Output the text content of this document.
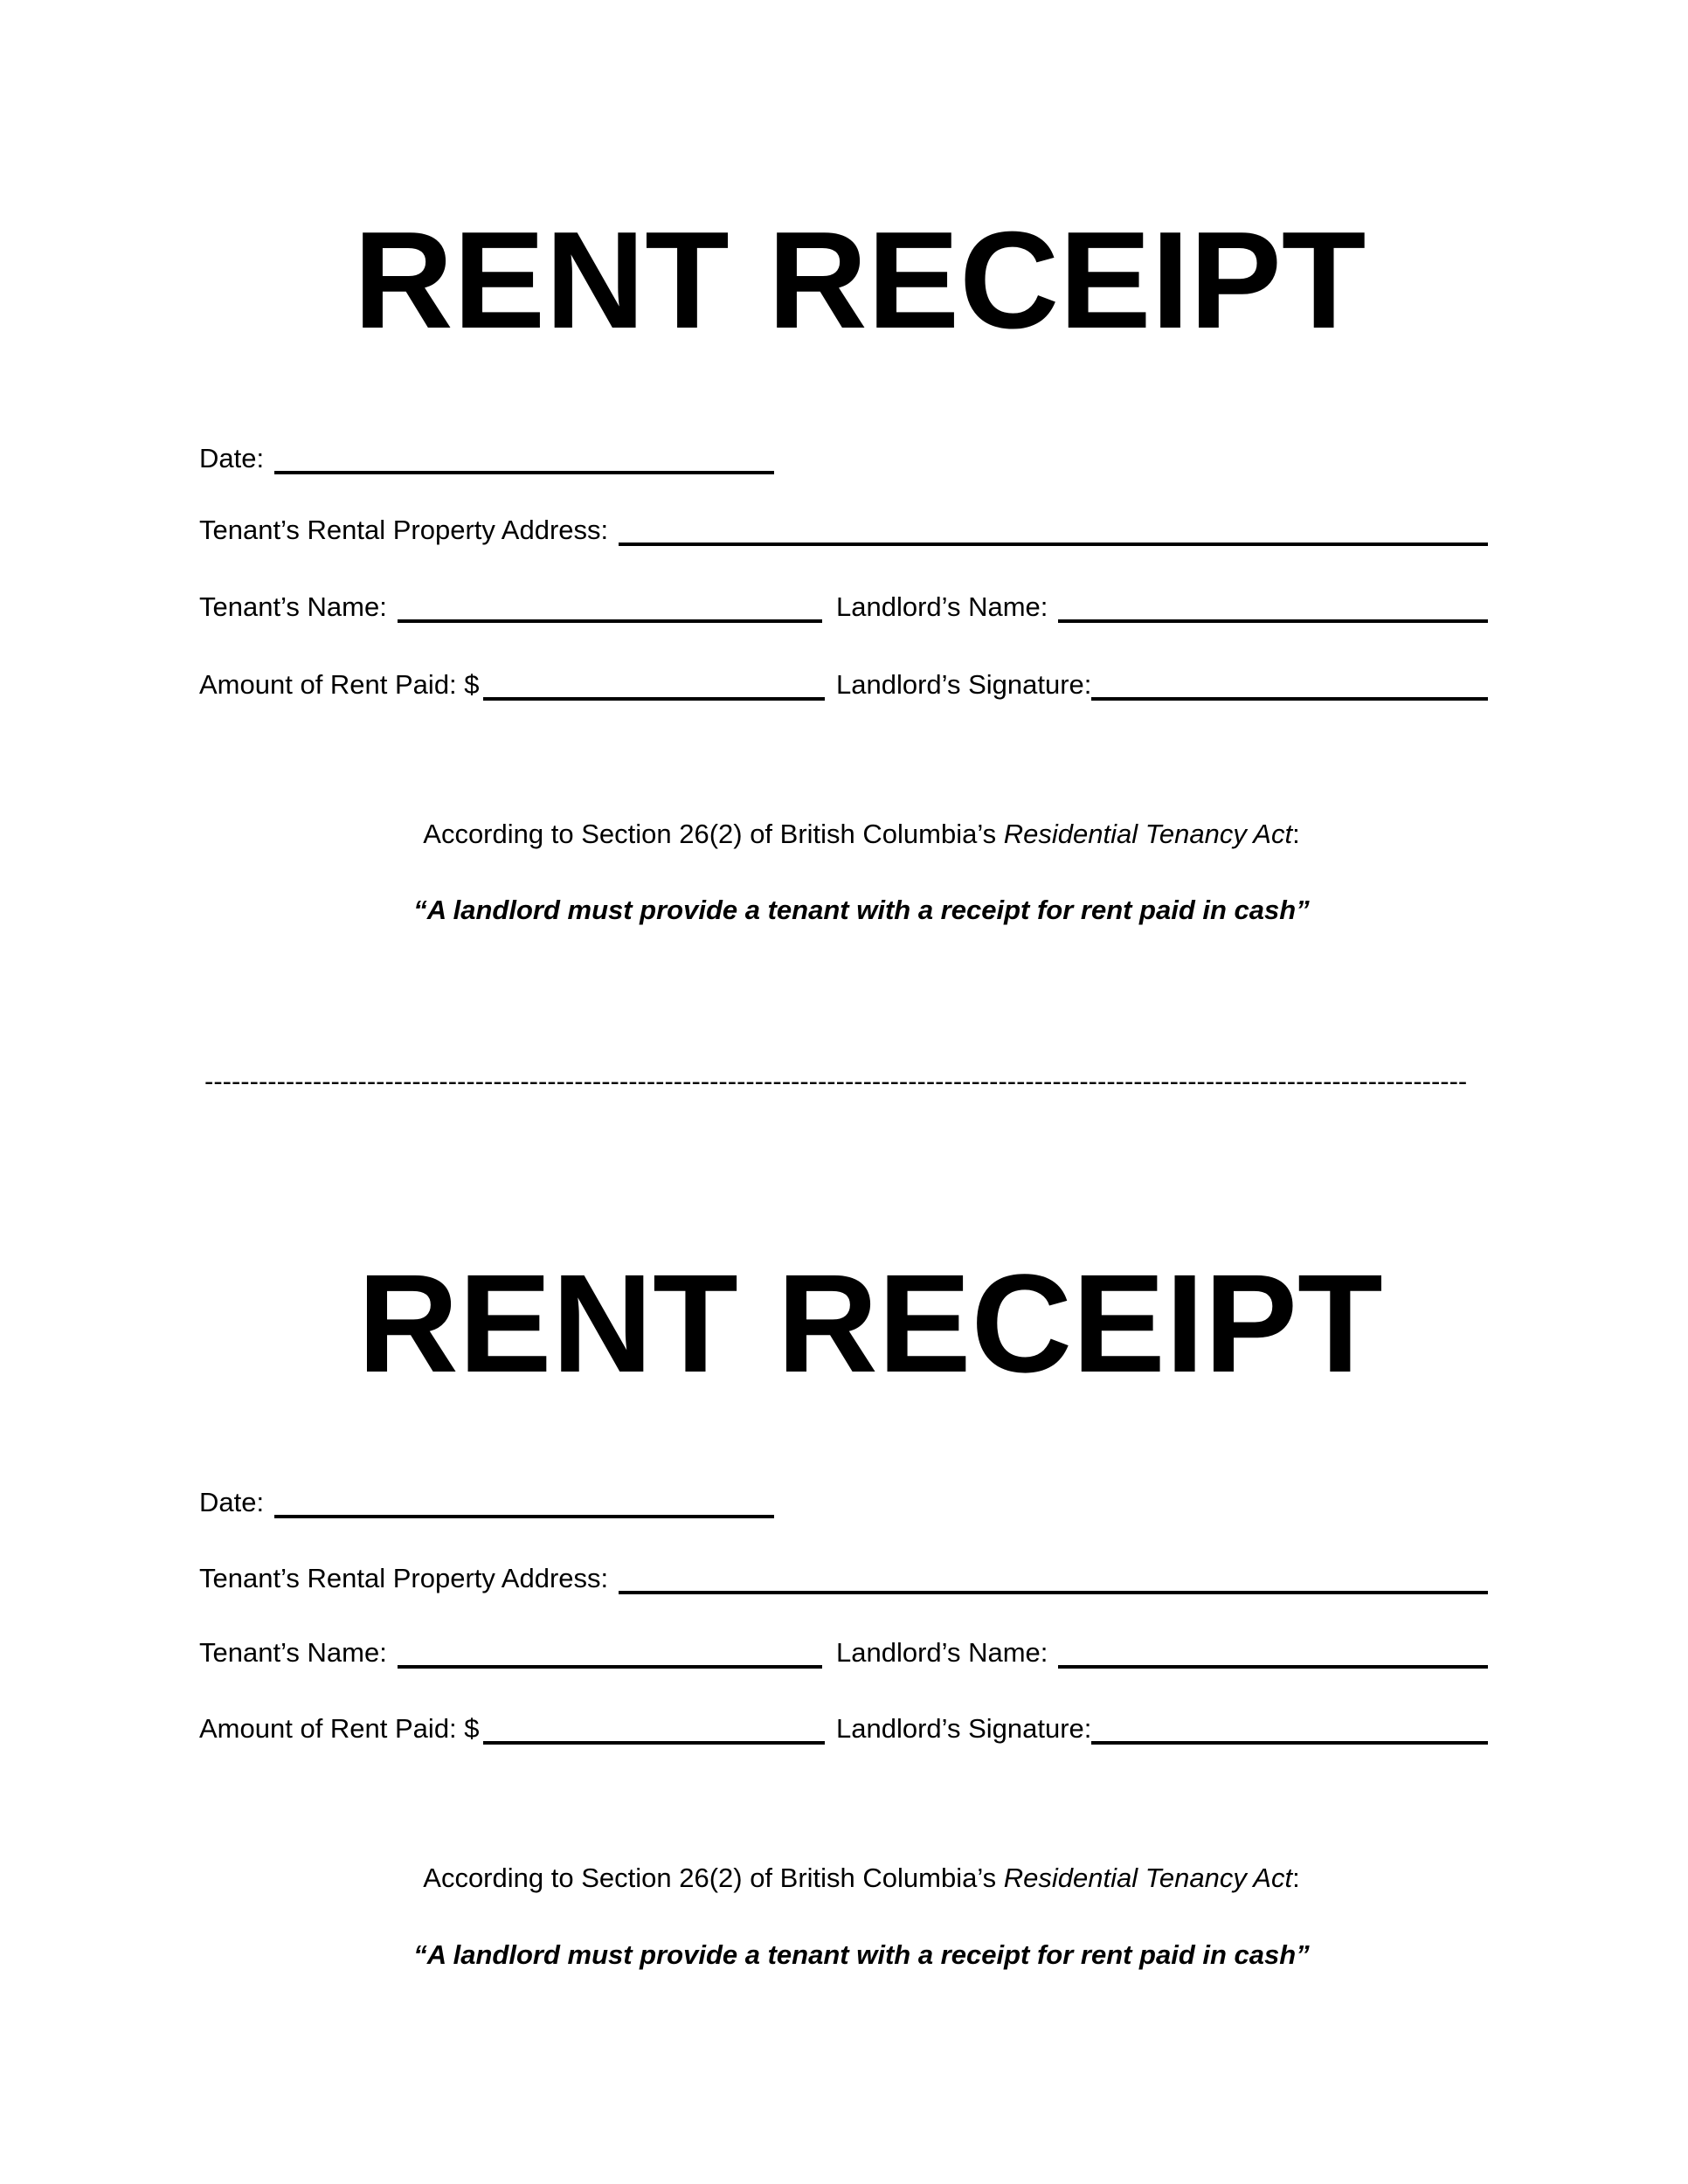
RENT RECEIPT
Date:
Tenant’s Rental Property Address:
Tenant’s Name:	Landlord’s Name:
Amount of Rent Paid: $	Landlord’s Signature:
According to Section 26(2) of British Columbia’s Residential Tenancy Act:
“A landlord must provide a tenant with a receipt for rent paid in cash”
--------------------------------------------------------------------------------------------------------------------------------------------
RENT RECEIPT
Date:
Tenant’s Rental Property Address:
Tenant’s Name:	Landlord’s Name:
Amount of Rent Paid: $	Landlord’s Signature:
According to Section 26(2) of British Columbia’s Residential Tenancy Act:
“A landlord must provide a tenant with a receipt for rent paid in cash”
